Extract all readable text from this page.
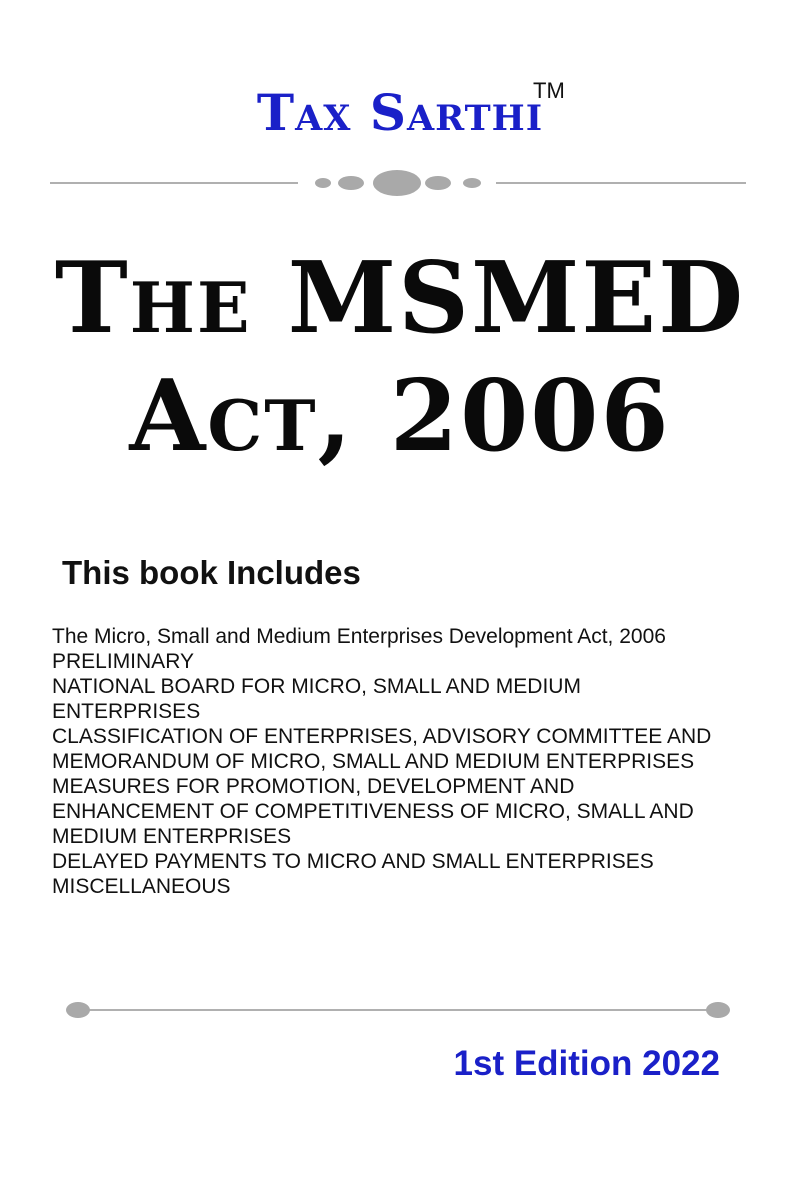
Tax Sarthi
TM
The MSMED
Act, 2006
This book Includes
The Micro, Small and Medium Enterprises Development Act, 2006
PRELIMINARY
NATIONAL BOARD FOR MICRO, SMALL AND MEDIUM
ENTERPRISES
CLASSIFICATION OF ENTERPRISES, ADVISORY COMMITTEE AND
MEMORANDUM OF MICRO, SMALL AND MEDIUM ENTERPRISES
MEASURES FOR PROMOTION, DEVELOPMENT AND
ENHANCEMENT OF COMPETITIVENESS OF MICRO, SMALL AND
MEDIUM ENTERPRISES
DELAYED PAYMENTS TO MICRO AND SMALL ENTERPRISES
MISCELLANEOUS
1st Edition 2022
